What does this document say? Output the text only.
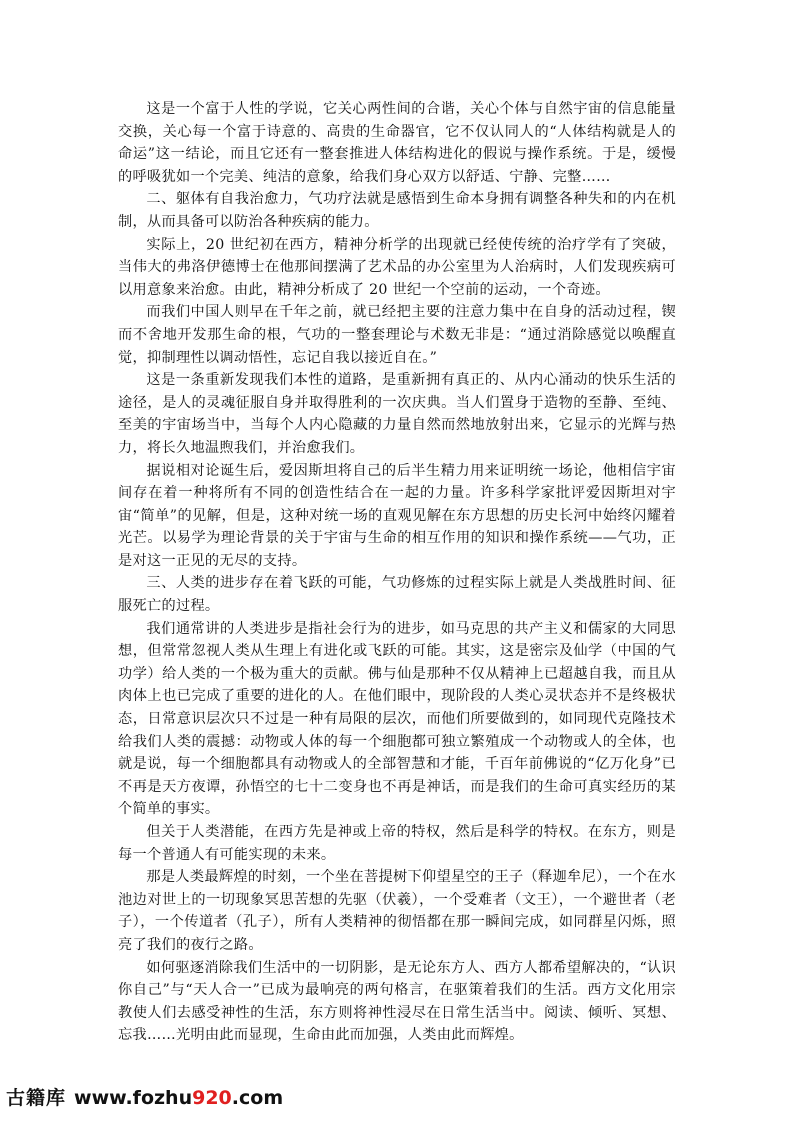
这是一个富于人性的学说，它关心两性间的合谐，关心个体与自然宇宙的信息能量交换，关心每一个富于诗意的、高贵的生命器官，它不仅认同人的“人体结构就是人的命运”这一结论，而且它还有一整套推进人体结构进化的假说与操作系统。于是，缓慢的呼吸犹如一个完美、纯洁的意象，给我们身心双方以舒适、宁静、完整……

二、躯体有自我治愈力，气功疗法就是感悟到生命本身拥有调整各种失和的内在机制，从而具备可以防治各种疾病的能力。

实际上，20 世纪初在西方，精神分析学的出现就已经使传统的治疗学有了突破，当伟大的弗洛伊德博士在他那间摆满了艺术品的办公室里为人治病时，人们发现疾病可以用意象来治愈。由此，精神分析成了 20 世纪一个空前的运动，一个奇迹。

而我们中国人则早在千年之前，就已经把主要的注意力集中在自身的活动过程，锲而不舍地开发那生命的根，气功的一整套理论与术数无非是：“通过消除感觉以唤醒直觉，抑制理性以调动悟性，忘记自我以接近自在。”

这是一条重新发现我们本性的道路，是重新拥有真正的、从内心涌动的快乐生活的途径，是人的灵魂征服自身并取得胜利的一次庆典。当人们置身于造物的至静、至纯、至美的宇宙场当中，当每个人内心隐藏的力量自然而然地放射出来，它显示的光辉与热力，将长久地温煦我们，并治愈我们。

据说相对论诞生后，爱因斯坦将自己的后半生精力用来证明统一场论，他相信宇宙间存在着一种将所有不同的创造性结合在一起的力量。许多科学家批评爱因斯坦对宇宙“简单”的见解，但是，这种对统一场的直观见解在东方思想的历史长河中始终闪耀着光芒。以易学为理论背景的关于宇宙与生命的相互作用的知识和操作系统——气功，正是对这一正见的无尽的支持。

三、人类的进步存在着飞跃的可能，气功修炼的过程实际上就是人类战胜时间、征服死亡的过程。

我们通常讲的人类进步是指社会行为的进步，如马克思的共产主义和儒家的大同思想，但常常忽视人类从生理上有进化或飞跃的可能。其实，这是密宗及仙学（中国的气功学）给人类的一个极为重大的贡献。佛与仙是那种不仅从精神上已超越自我，而且从肉体上也已完成了重要的进化的人。在他们眼中，现阶段的人类心灵状态并不是终极状态，日常意识层次只不过是一种有局限的层次，而他们所要做到的，如同现代克隆技术给我们人类的震撼：动物或人体的每一个细胞都可独立繁殖成一个动物或人的全体，也就是说，每一个细胞都具有动物或人的全部智慧和才能，千百年前佛说的“亿万化身”已不再是天方夜谭，孙悟空的七十二变身也不再是神话，而是我们的生命可真实经历的某个简单的事实。

但关于人类潜能，在西方先是神或上帝的特权，然后是科学的特权。在东方，则是每一个普通人有可能实现的未来。

那是人类最辉煌的时刻，一个坐在菩提树下仰望星空的王子（释迦牟尼），一个在水池边对世上的一切现象冥思苦想的先驱（伏羲），一个受难者（文王），一个避世者（老子），一个传道者（孔子），所有人类精神的彻悟都在那一瞬间完成，如同群星闪烁，照亮了我们的夜行之路。

如何驱逐消除我们生活中的一切阴影，是无论东方人、西方人都希望解决的，“认识你自己”与“天人合一”已成为最响亮的两句格言，在驱策着我们的生活。西方文化用宗教使人们去感受神性的生活，东方则将神性浸尽在日常生活当中。阅读、倾听、冥想、忘我……光明由此而显现，生命由此而加强，人类由此而辉煌。

古籍库 www.fozhu 920 .com
